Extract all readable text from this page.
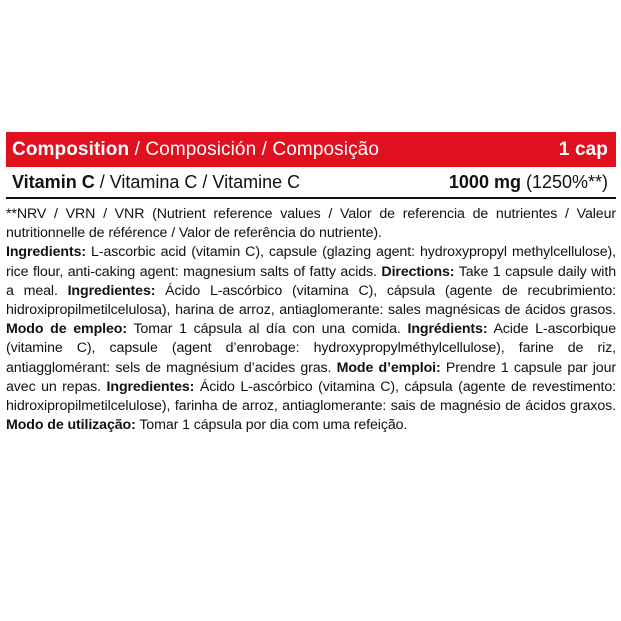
Composition / Composición / Composição	1 cap
Vitamin C / Vitamina C / Vitamine C	1000 mg (1250%**)

**NRV / VRN / VNR (Nutrient reference values / Valor de referencia de nutrientes / Valeur nutritionnelle de référence / Valor de referência do nutriente).

Ingredients: L-ascorbic acid (vitamin C), capsule (glazing agent: hydroxypropyl methylcellulose), rice flour, anti-caking agent: magnesium salts of fatty acids. Directions: Take 1 capsule daily with a meal. Ingredientes: Ácido L-ascórbico (vitamina C), cápsula (agente de recubrimiento: hidroxipropilmetilcelulosa), harina de arroz, antiaglomerante: sales magnésicas de ácidos grasos. Modo de empleo: Tomar 1 cápsula al día con una comida. Ingrédients: Acide L-ascorbique (vitamine C), capsule (agent d’enrobage: hydroxypropylméthylcellulose), farine de riz, antiagglomérant: sels de magnésium d’acides gras. Mode d’emploi: Prendre 1 capsule par jour avec un repas. Ingredientes: Ácido L-ascórbico (vitamina C), cápsula (agente de revestimento: hidroxipropilmetilcelulose), farinha de arroz, antiaglomerante: sais de magnésio de ácidos graxos. Modo de utilização: Tomar 1 cápsula por dia com uma refeição.
